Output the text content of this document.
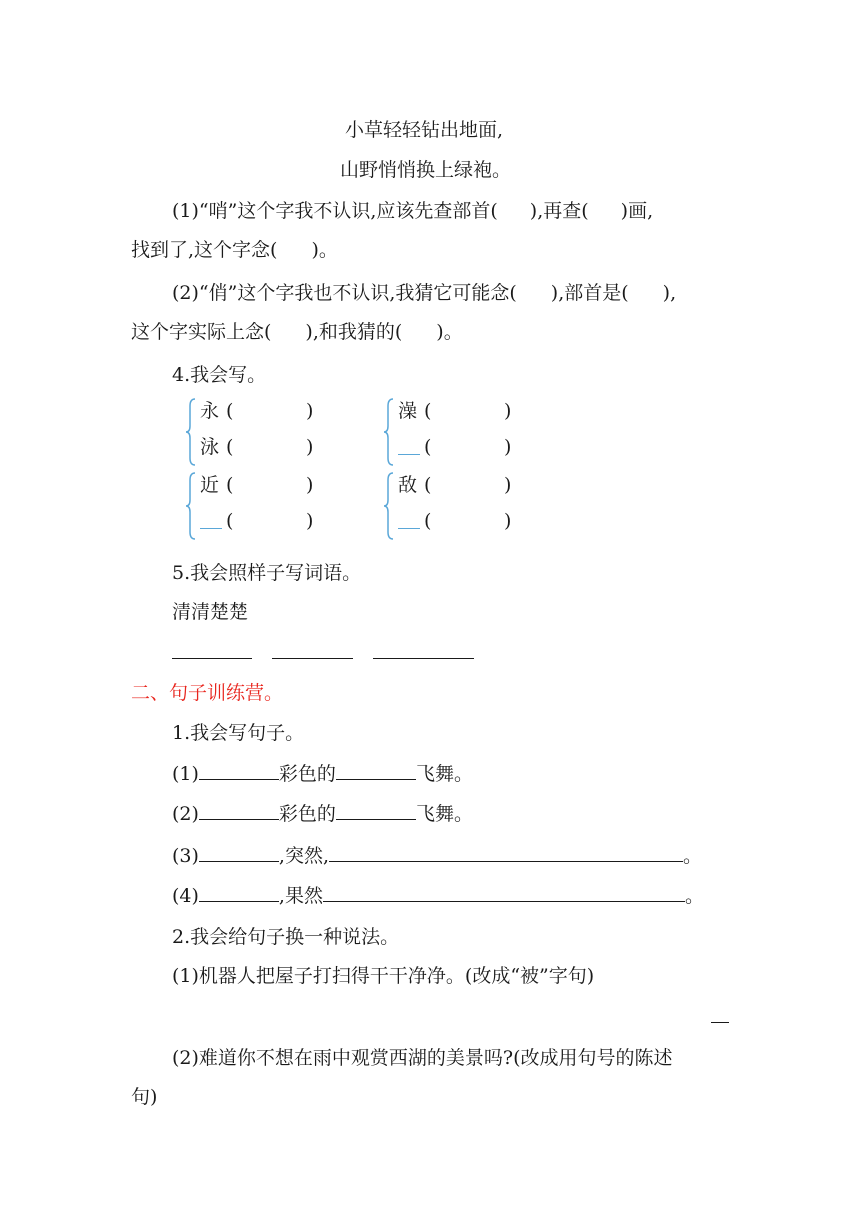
小草轻轻钻出地面,
山野悄悄换上绿袍。
(1)“哨”这个字我不认识,应该先查部首( ),再查( )画,
找到了,这个字念( )。
(2)“俏”这个字我也不认识,我猜它可能念( ),部首是( ),
这个字实际上念( ),和我猜的( )。
4.我会写。
永 (	)
泳 (	)
澡 (	)
(	)
近 (	)
(	)
敌 (	)
(	)
5.我会照样子写词语。
清清楚楚
二、句子训练营。
1.我会写句子。
(1)	彩色的	飞舞。
(2)	彩色的	飞舞。
(3)	,突然,	。
(4)	,果然	。
2.我会给句子换一种说法。
(1)机器人把屋子打扫得干干净净。(改成“被”字句)
(2)难道你不想在雨中观赏西湖的美景吗?(改成用句号的陈述
句)
